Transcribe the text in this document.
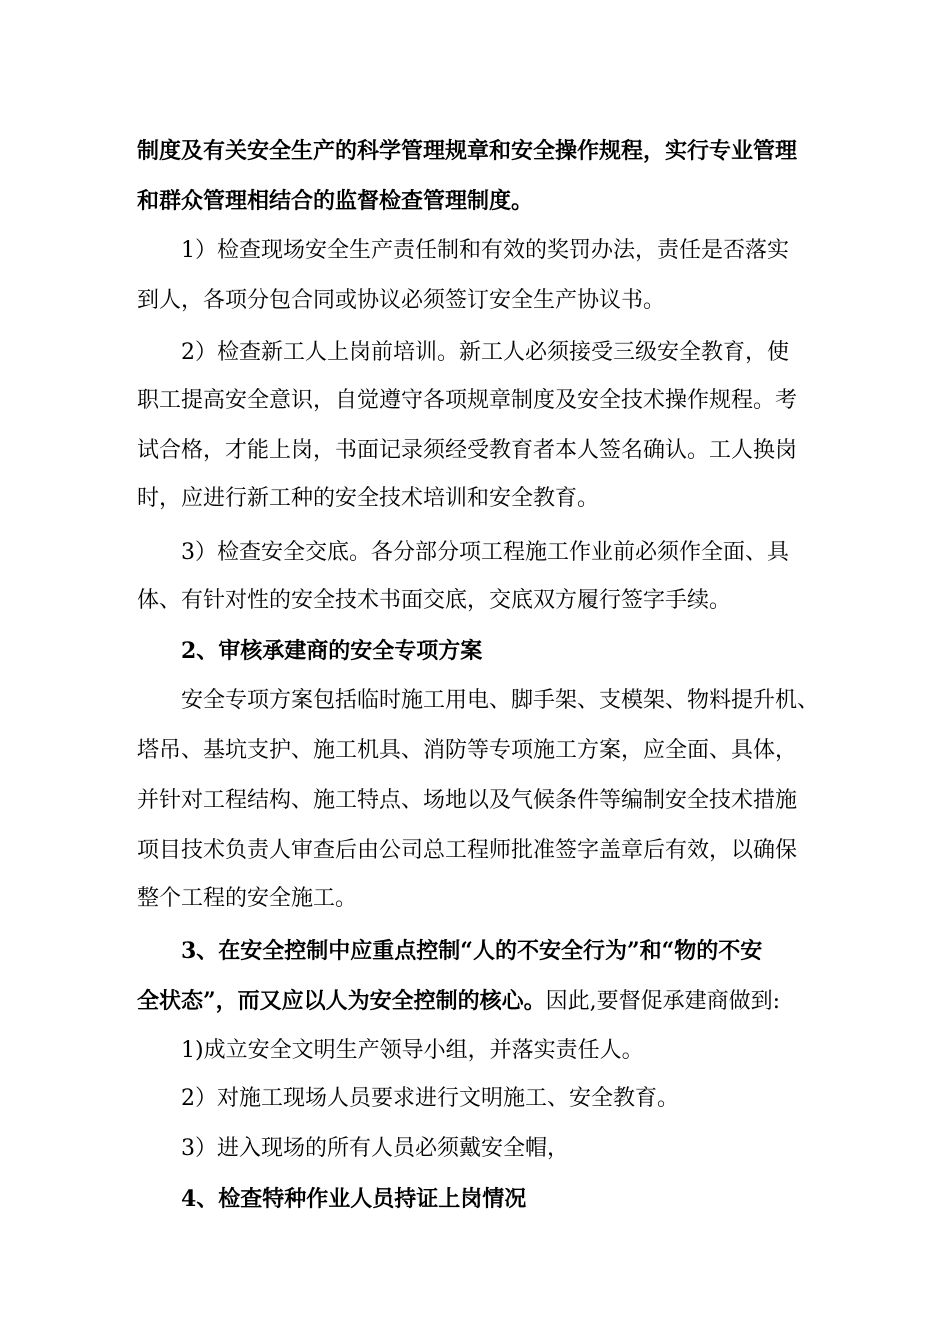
制度及有关安全生产的科学管理规章和安全操作规程，实行专业管理
和群众管理相结合的监督检查管理制度。
1）检查现场安全生产责任制和有效的奖罚办法，责任是否落实
到人，各项分包合同或协议必须签订安全生产协议书。
2）检查新工人上岗前培训。新工人必须接受三级安全教育，使
职工提高安全意识，自觉遵守各项规章制度及安全技术操作规程。考
试合格，才能上岗，书面记录须经受教育者本人签名确认。工人换岗
时，应进行新工种的安全技术培训和安全教育。
3）检查安全交底。各分部分项工程施工作业前必须作全面、具
体、有针对性的安全技术书面交底，交底双方履行签字手续。
2、审核承建商的安全专项方案
安全专项方案包括临时施工用电、脚手架、支模架、物料提升机、
塔吊、基坑支护、施工机具、消防等专项施工方案，应全面、具体，
并针对工程结构、施工特点、场地以及气候条件等编制安全技术措施
项目技术负责人审查后由公司总工程师批准签字盖章后有效，以确保
整个工程的安全施工。
3、在安全控制中应重点控制“人的不安全行为”和“物的不安
全状态”，而又应以人为安全控制的核心。因此,要督促承建商做到:
1)成立安全文明生产领导小组，并落实责任人。
2）对施工现场人员要求进行文明施工、安全教育。
3）进入现场的所有人员必须戴安全帽，
4、检查特种作业人员持证上岗情况
